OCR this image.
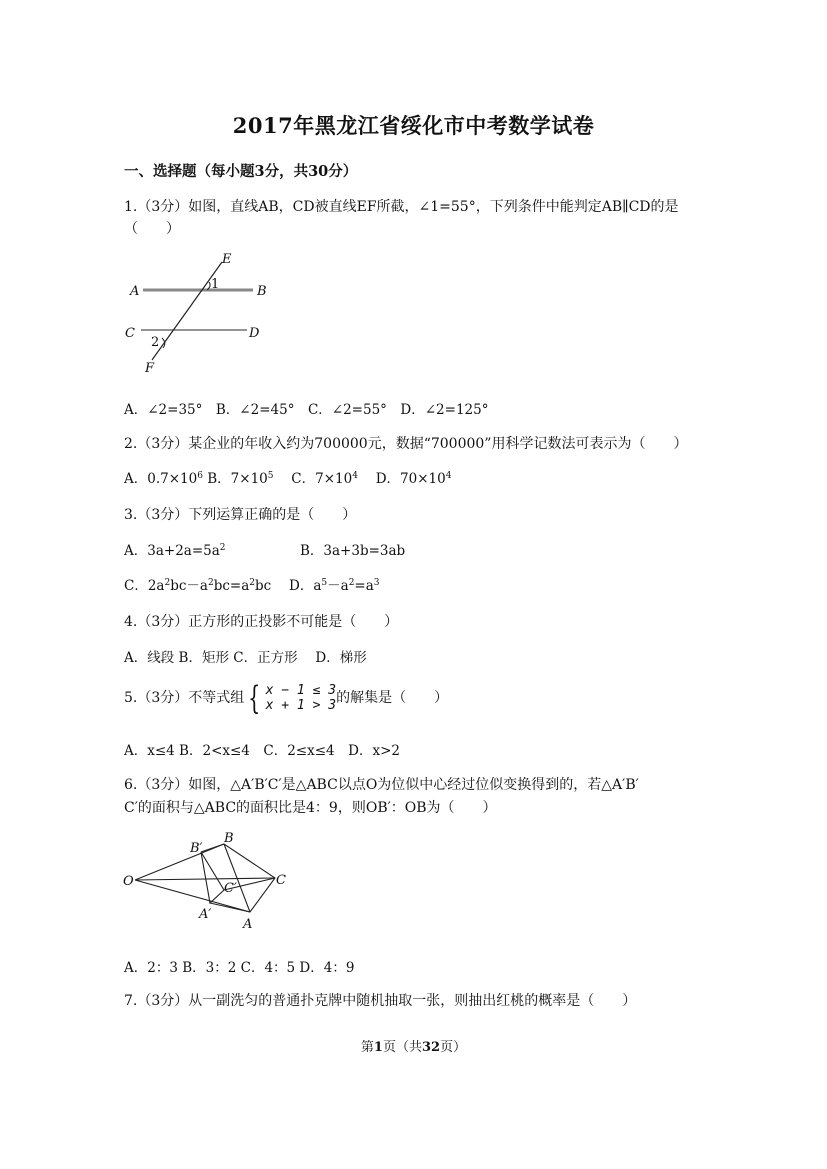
2017年黑龙江省绥化市中考数学试卷
一、选择题（每小题3分，共30分）
1.（3分）如图，直线AB，CD被直线EF所截，∠1=55°，下列条件中能判定AB∥CD的是
（　　）
E
A	B
1
C	D
2
F
A．∠2=35°　B．∠2=45°　C．∠2=55°　D．∠2=125°
2.（3分）某企业的年收入约为700000元，数据“700000”用科学记数法可表示为（　　）
A．$0.7\times 10^6$ B．$7\times 10^5$　 C．$7\times 10^4$　 D．$70\times 10^4$
3.（3分）下列运算正确的是（　　）
A．$3a+2a=5a^2$	B．3a+3b=3ab
C．$2a^2bc-a^2bc=a^2bc$　 D．$a^5-a^2=a^3$
4.（3分）正方形的正投影不可能是（　　）
A．线段 B．矩形 C．正方形　 D．梯形
5.（3分）不等式组 { x − 1 ≤ 3
x + 1 > 3的解集是（　　）
A．x≤4 B．2<x≤4　C．2≤x≤4　D．x>2
6.（3分）如图，△A′B′C′是△ABC以点O为位似中心经过位似变换得到的，若△A′B′
C′的面积与△ABC的面积比是4：9，则OB′：OB为（　　）
O
B′
B
C′
C
A′
A
A．2：3 B．3：2 C．4：5 D．4：9
7.（3分）从一副洗匀的普通扑克牌中随机抽取一张，则抽出红桃的概率是（　　）
第1页（共32页）
